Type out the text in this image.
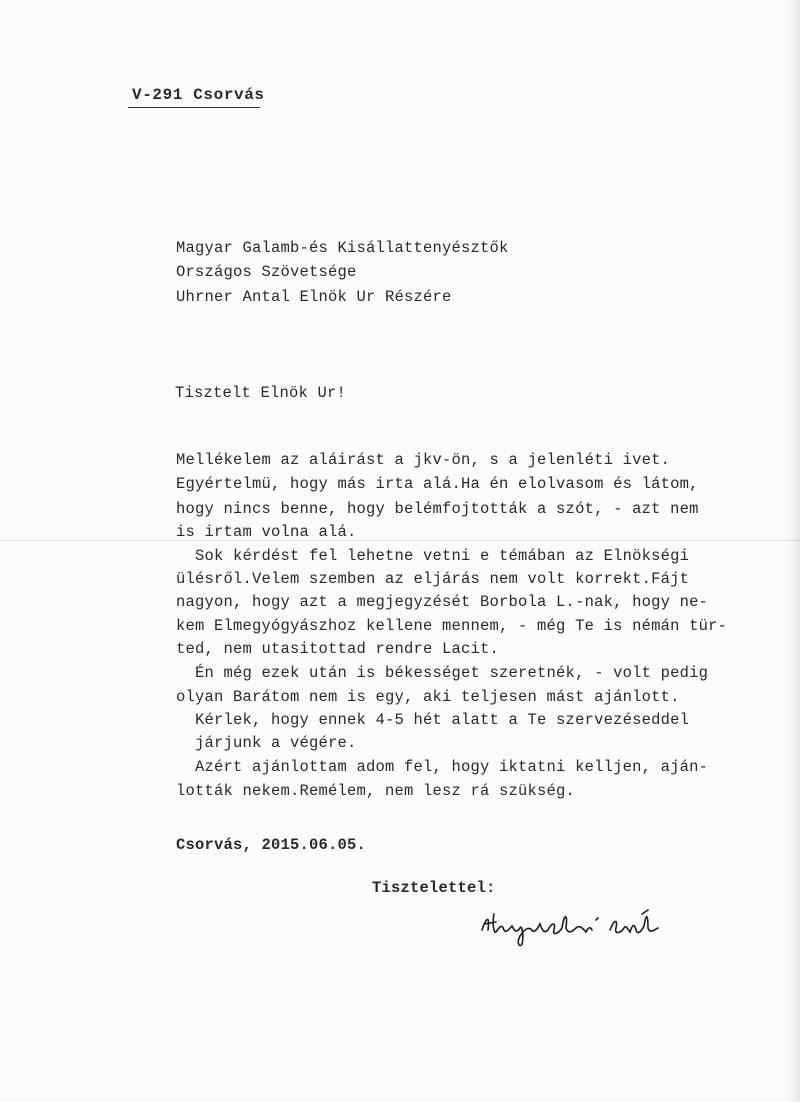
V-291 Csorvás
Magyar Galamb-és Kisállattenyésztők
Országos Szövetsége
Uhrner Antal Elnök Ur Részére
Tisztelt Elnök Ur!
Mellékelem az aláirást a jkv-ön, s a jelenléti ivet.
Egyértelmü, hogy más irta alá.Ha én elolvasom és látom,
hogy nincs benne, hogy belémfojtották a szót, - azt nem
is irtam volna alá.
Sok kérdést fel lehetne vetni e témában az Elnökségi
ülésről.Velem szemben az eljárás nem volt korrekt.Fájt
nagyon, hogy azt a megjegyzését Borbola L.-nak, hogy ne-
kem Elmegyógyászhoz kellene mennem, - még Te is némán tür-
ted, nem utasitottad rendre Lacit.
Én még ezek után is békességet szeretnék, - volt pedig
olyan Barátom nem is egy, aki teljesen mást ajánlott.
Kérlek, hogy ennek 4-5 hét alatt a Te szervezéseddel
járjunk a végére.
Azért ajánlottam adom fel, hogy iktatni kelljen, aján-
lották nekem.Remélem, nem lesz rá szükség.
Csorvás, 2015.06.05.
Tisztelettel:
